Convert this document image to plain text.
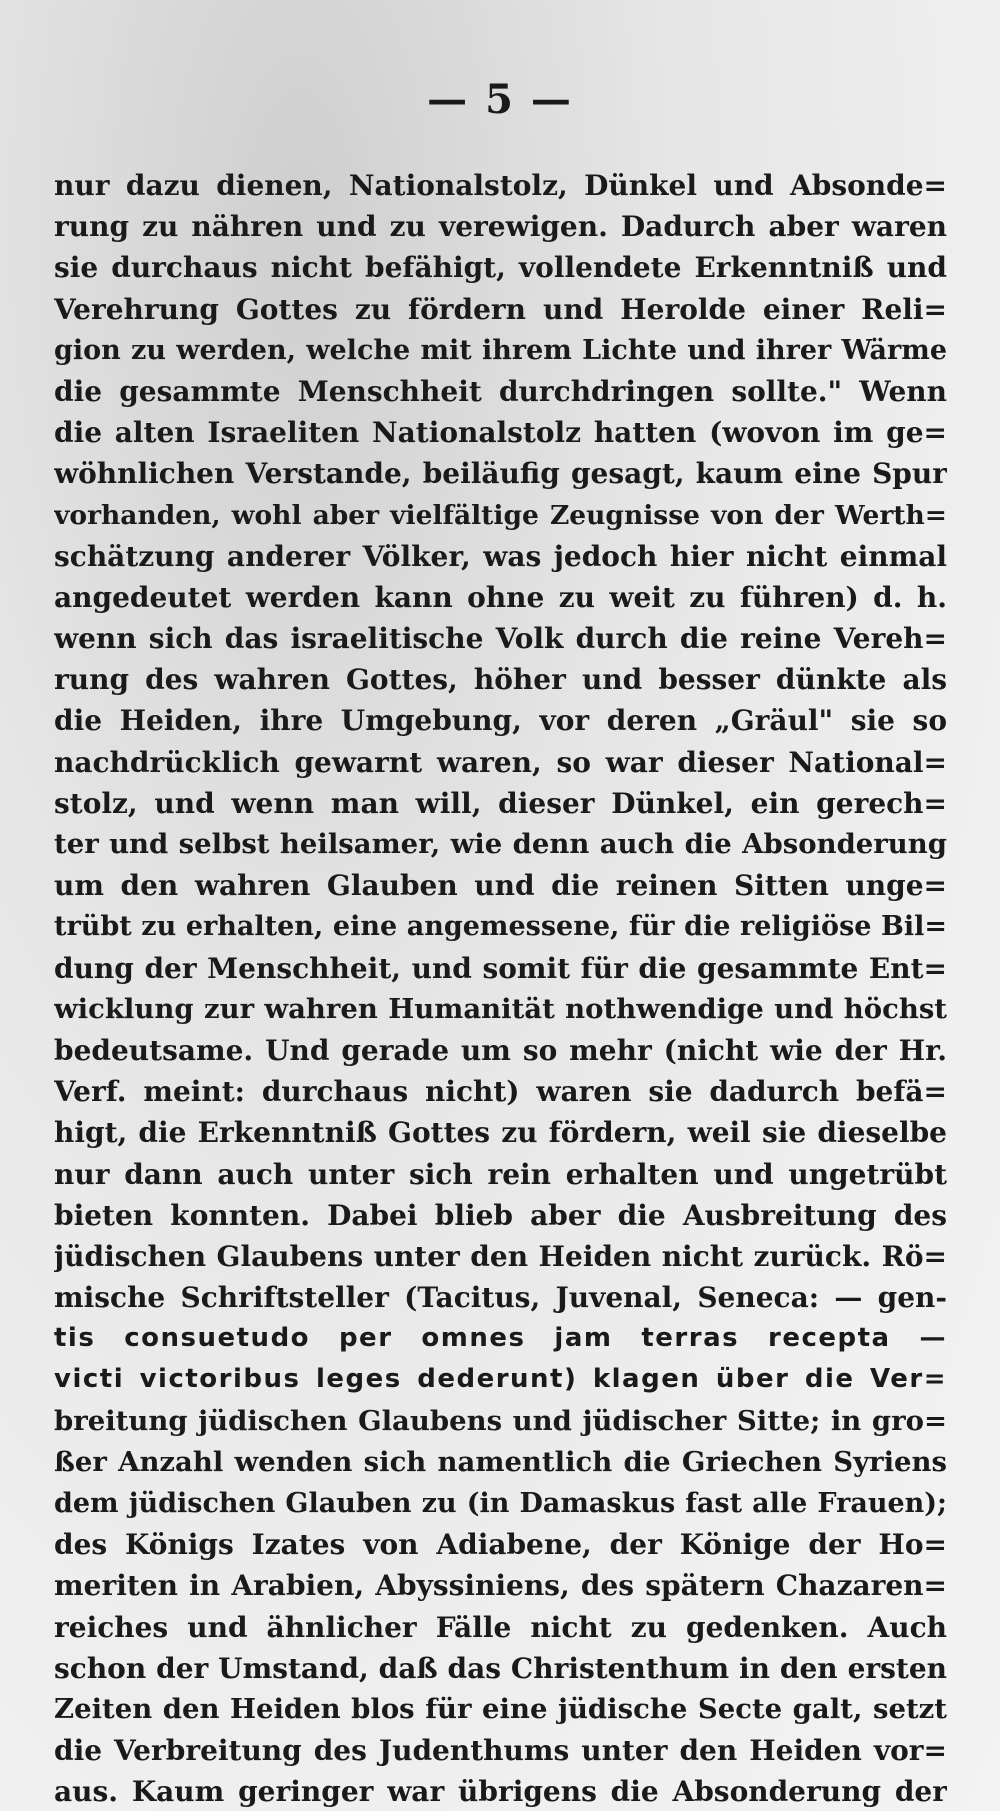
— 5 —
nur dazu dienen, Nationalstolz, Dünkel und Absonde=
rung zu nähren und zu verewigen. Dadurch aber waren
sie durchaus nicht befähigt, vollendete Erkenntniß und
Verehrung Gottes zu fördern und Herolde einer Reli=
gion zu werden, welche mit ihrem Lichte und ihrer Wärme
die gesammte Menschheit durchdringen sollte." Wenn
die alten Israeliten Nationalstolz hatten (wovon im ge=
wöhnlichen Verstande, beiläufig gesagt, kaum eine Spur
vorhanden, wohl aber vielfältige Zeugnisse von der Werth=
schätzung anderer Völker, was jedoch hier nicht einmal
angedeutet werden kann ohne zu weit zu führen) d. h.
wenn sich das israelitische Volk durch die reine Vereh=
rung des wahren Gottes, höher und besser dünkte als
die Heiden, ihre Umgebung, vor deren „Gräul" sie so
nachdrücklich gewarnt waren, so war dieser National=
stolz, und wenn man will, dieser Dünkel, ein gerech=
ter und selbst heilsamer, wie denn auch die Absonderung
um den wahren Glauben und die reinen Sitten unge=
trübt zu erhalten, eine angemessene, für die religiöse Bil=
dung der Menschheit, und somit für die gesammte Ent=
wicklung zur wahren Humanität nothwendige und höchst
bedeutsame. Und gerade um so mehr (nicht wie der Hr.
Verf. meint: durchaus nicht) waren sie dadurch befä=
higt, die Erkenntniß Gottes zu fördern, weil sie dieselbe
nur dann auch unter sich rein erhalten und ungetrübt
bieten konnten. Dabei blieb aber die Ausbreitung des
jüdischen Glaubens unter den Heiden nicht zurück. Rö=
mische Schriftsteller (Tacitus, Juvenal, Seneca: — gen-
tis consuetudo per omnes jam terras recepta —
victi victoribus leges dederunt) klagen über die Ver=
breitung jüdischen Glaubens und jüdischer Sitte; in gro=
ßer Anzahl wenden sich namentlich die Griechen Syriens
dem jüdischen Glauben zu (in Damaskus fast alle Frauen);
des Königs Izates von Adiabene, der Könige der Ho=
meriten in Arabien, Abyssiniens, des spätern Chazaren=
reiches und ähnlicher Fälle nicht zu gedenken. Auch
schon der Umstand, daß das Christenthum in den ersten
Zeiten den Heiden blos für eine jüdische Secte galt, setzt
die Verbreitung des Judenthums unter den Heiden vor=
aus. Kaum geringer war übrigens die Absonderung der
